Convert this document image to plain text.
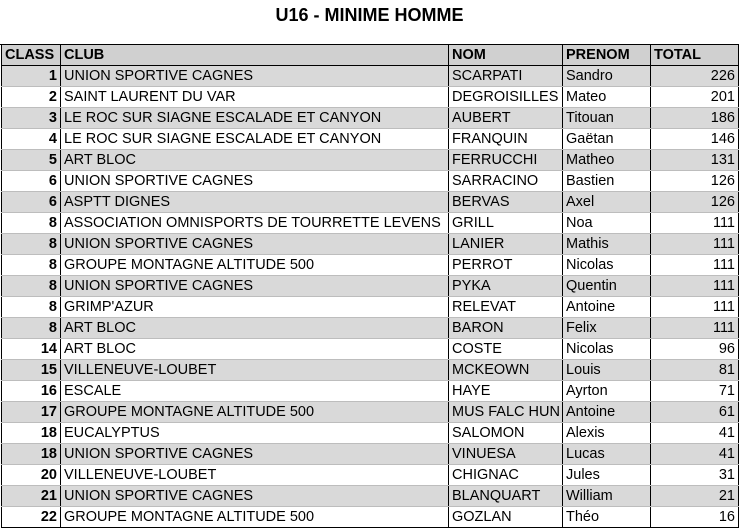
U16 - MINIME HOMME
CLASS	CLUB	NOM	PRENOM	TOTAL
1	UNION SPORTIVE CAGNES	SCARPATI	Sandro	226
2	SAINT LAURENT DU VAR	DEGROISILLES	Mateo	201
3	LE ROC SUR SIAGNE ESCALADE ET CANYON	AUBERT	Titouan	186
4	LE ROC SUR SIAGNE ESCALADE ET CANYON	FRANQUIN	Gaëtan	146
5	ART BLOC	FERRUCCHI	Matheo	131
6	UNION SPORTIVE CAGNES	SARRACINO	Bastien	126
6	ASPTT DIGNES	BERVAS	Axel	126
8	ASSOCIATION OMNISPORTS DE TOURRETTE LEVENS	GRILL	Noa	111
8	UNION SPORTIVE CAGNES	LANIER	Mathis	111
8	GROUPE MONTAGNE ALTITUDE 500	PERROT	Nicolas	111
8	UNION SPORTIVE CAGNES	PYKA	Quentin	111
8	GRIMP'AZUR	RELEVAT	Antoine	111
8	ART BLOC	BARON	Felix	111
14	ART BLOC	COSTE	Nicolas	96
15	VILLENEUVE-LOUBET	MCKEOWN	Louis	81
16	ESCALE	HAYE	Ayrton	71
17	GROUPE MONTAGNE ALTITUDE 500	MUS FALC HUN	Antoine	61
18	EUCALYPTUS	SALOMON	Alexis	41
18	UNION SPORTIVE CAGNES	VINUESA	Lucas	41
20	VILLENEUVE-LOUBET	CHIGNAC	Jules	31
21	UNION SPORTIVE CAGNES	BLANQUART	William	21
22	GROUPE MONTAGNE ALTITUDE 500	GOZLAN	Théo	16
